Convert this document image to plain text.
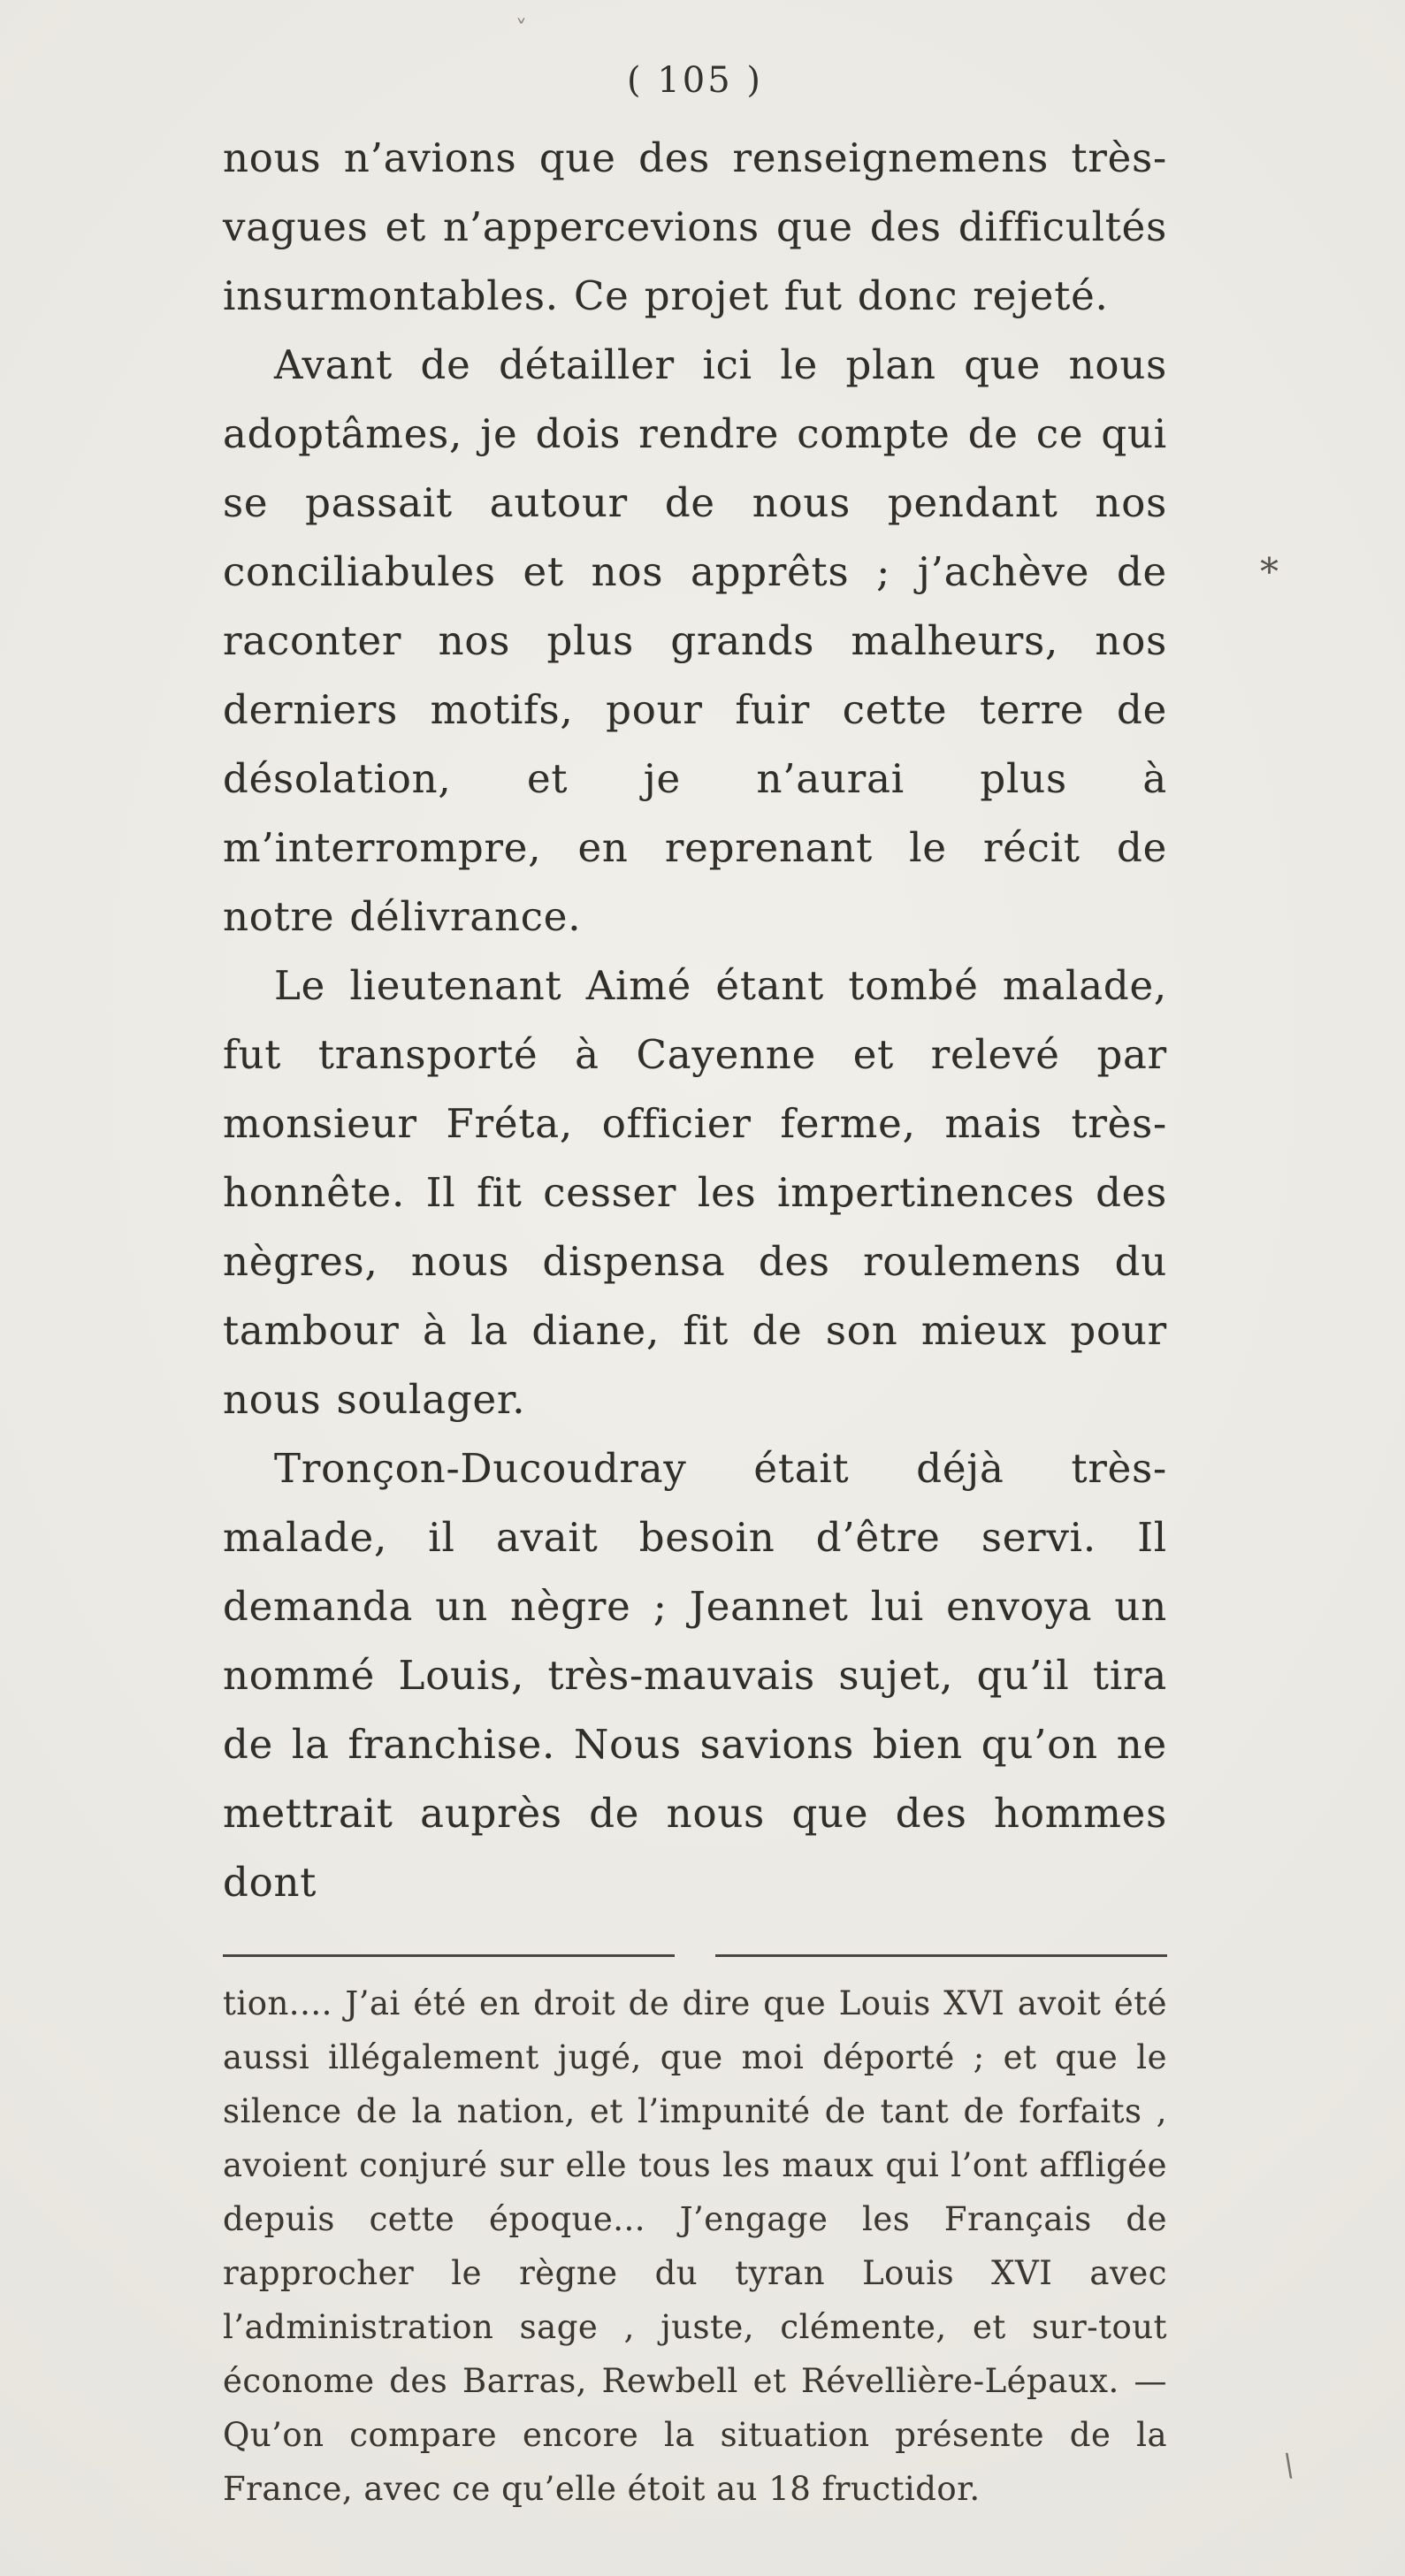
˅
( 105 )

nous n’avions que des renseignemens très-vagues et n’appercevions que des difficultés insurmontables. Ce projet fut donc rejeté.

Avant de détailler ici le plan que nous adoptâmes, je dois rendre compte de ce qui se passait autour de nous pendant nos conciliabules et nos apprêts ; j’achève de raconter nos plus grands malheurs, nos derniers motifs, pour fuir cette terre de désolation, et je n’aurai plus à m’interrompre, en reprenant le récit de notre délivrance.

Le lieutenant Aimé étant tombé malade, fut transporté à Cayenne et relevé par monsieur Fréta, officier ferme, mais très-honnête. Il fit cesser les impertinences des nègres, nous dispensa des roulemens du tambour à la diane, fit de son mieux pour nous soulager.

Tronçon-Ducoudray était déjà très-malade, il avait besoin d’être servi. Il demanda un nègre ; Jeannet lui envoya un nommé Louis, très-mauvais sujet, qu’il tira de la franchise. Nous savions bien qu’on ne mettrait auprès de nous que des hommes dont

tion.... J’ai été en droit de dire que Louis XVI avoit été aussi illégalement jugé, que moi déporté ; et que le silence de la nation, et l’impunité de tant de forfaits , avoient conjuré sur elle tous les maux qui l’ont affligée depuis cette époque... J’engage les Français de rapprocher le règne du tyran Louis XVI avec l’administration sage , juste, clémente, et sur-tout économe des Barras, Rewbell et Révellière-Lépaux. — Qu’on compare encore la situation présente de la France, avec ce qu’elle étoit au 18 fructidor.

*
\
